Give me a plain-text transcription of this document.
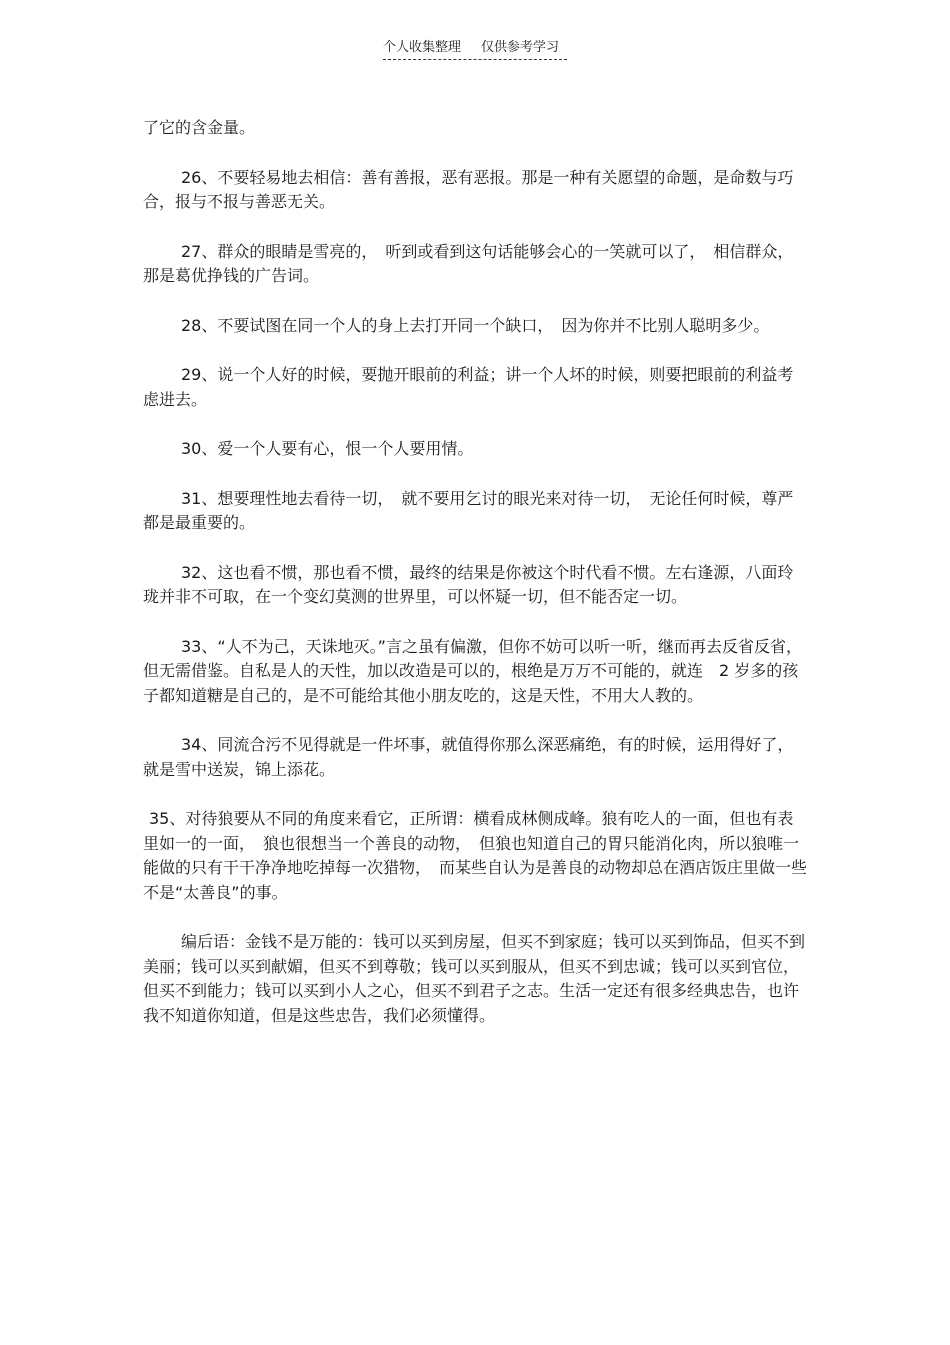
个人收集整理 仅供参考学习

了它的含金量。

26、不要轻易地去相信：善有善报，恶有恶报。那是一种有关愿望的命题，是命数与巧合，报与不报与善恶无关。

27、群众的眼睛是雪亮的，　听到或看到这句话能够会心的一笑就可以了，　相信群众，那是葛优挣钱的广告词。

28、不要试图在同一个人的身上去打开同一个缺口，　因为你并不比别人聪明多少。

29、说一个人好的时候，要抛开眼前的利益；讲一个人坏的时候，则要把眼前的利益考虑进去。

30、爱一个人要有心，恨一个人要用情。

31、想要理性地去看待一切，　就不要用乞讨的眼光来对待一切，　无论任何时候，尊严都是最重要的。

32、这也看不惯，那也看不惯，最终的结果是你被这个时代看不惯。左右逢源，八面玲珑并非不可取，在一个变幻莫测的世界里，可以怀疑一切，但不能否定一切。

33、“人不为己，天诛地灭。”言之虽有偏激，但你不妨可以听一听，继而再去反省反省，但无需借鉴。自私是人的天性，加以改造是可以的，根绝是万万不可能的，就连　2 岁多的孩子都知道糖是自己的，是不可能给其他小朋友吃的，这是天性，不用大人教的。

34、同流合污不见得就是一件坏事，就值得你那么深恶痛绝，有的时候，运用得好了，就是雪中送炭，锦上添花。

35、对待狼要从不同的角度来看它，正所谓：横看成林侧成峰。狼有吃人的一面，但也有表里如一的一面，　狼也很想当一个善良的动物，　但狼也知道自己的胃只能消化肉，所以狼唯一能做的只有干干净净地吃掉每一次猎物，　而某些自认为是善良的动物却总在酒店饭庄里做一些不是“太善良”的事。

编后语：金钱不是万能的：钱可以买到房屋，但买不到家庭；钱可以买到饰品，但买不到美丽；钱可以买到献媚，但买不到尊敬；钱可以买到服从，但买不到忠诚；钱可以买到官位，但买不到能力；钱可以买到小人之心，但买不到君子之志。生活一定还有很多经典忠告，也许我不知道你知道，但是这些忠告，我们必须懂得。
